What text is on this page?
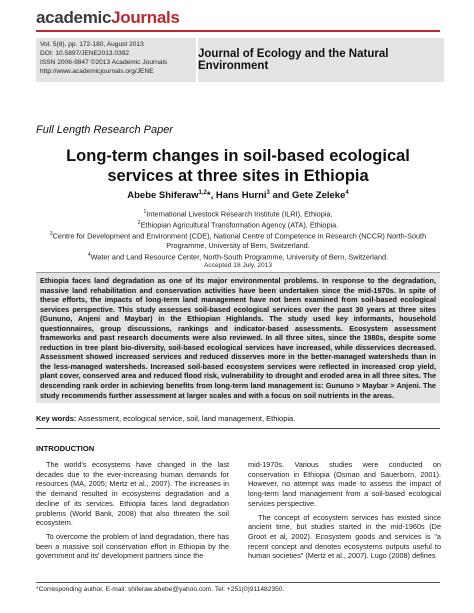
academicJournals
Vol. 5(8), pp. 172-180, August 2013
DOI: 10.5897/JENE2013.0392
ISSN 2006-9847 ©2013 Academic Journals
http://www.academicjournals.org/JENE
Journal of Ecology and the Natural Environment
Full Length Research Paper
Long-term changes in soil-based ecological services at three sites in Ethiopia
Abebe Shiferaw$^{1,2}$*, Hans Hurni$^3$ and Gete Zeleke$^4$
$^1$International Livestock Research Institute (ILRI), Ethiopia.
$^2$Ethiopian Agricultural Transformation Agency (ATA), Ethiopia.
$^3$Centre for Development and Environment (CDE), National Centre of Competence in Research (NCCR) North-South Programme, University of Bern, Switzerland.
$^4$Water and Land Resource Center, North-South Programme, University of Bern, Switzerland.
Accepted 18 July, 2013
Ethiopia faces land degradation as one of its major environmental problems. In response to the degradation, massive land rehabilitation and conservation activities have been undertaken since the mid-1970s. In spite of these efforts, the impacts of long-term land management have not been examined from soil-based ecological services perspective. This study assesses soil-based ecological services over the past 30 years at three sites (Gununo, Anjeni and Maybar) in the Ethiopian Highlands. The study used key informants, household questionnaires, group discussions, rankings and indicator-based assessments. Ecosystem assessment frameworks and past research documents were also reviewed. In all three sites, since the 1980s, despite some reduction in tree plant bio-diversity, soil-based ecological services have increased, while disservices decreased. Assessment showed increased services and reduced disserves more in the better-managed watersheds than in the less-managed watersheds. Increased soil-based ecosystem services were reflected in increased crop yield, plant cover, conserved area and reduced flood risk, vulnerability to drought and eroded area in all three sites. The descending rank order in achieving benefits from long-term land management is: Gununo > Maybar > Anjeni. The study recommends further assessment at larger scales and with a focus on soil nutrients in the areas.
Key words: Assessment, ecological service, soil, land management, Ethiopia.
INTRODUCTION

The world's ecosystems have changed in the last decades due to the ever-increasing human demands for resources (MA, 2005; Mertz et al., 2007). The increases in the demand resulted in ecosystems degradation and a decline of its services. Ethiopia faces land degradation problems (World Bank, 2008) that also threaten the soil ecosystem.

To overcome the problem of land degradation, there has been a massive soil conservation effort in Ethiopia by the government and its' development partners since the

mid-1970s. Various studies were conducted on conservation in Ethiopia (Osman and Sauerborn, 2001). However, no attempt was made to assess the impact of long-term land management from a soil-based ecological services perspective.

The concept of ecosystem services has existed since ancient time, but studies started in the mid-1960s (De Groot et al, 2002). Ecosystem goods and services is "a recent concept and denotes ecosystems outputs useful to human societies" (Mertz et al., 2007). Lugo (2008) defines

*Corresponding author. E-mail: shiferaw.abebe@yahoo.com. Tel: +251(0)911482350.
